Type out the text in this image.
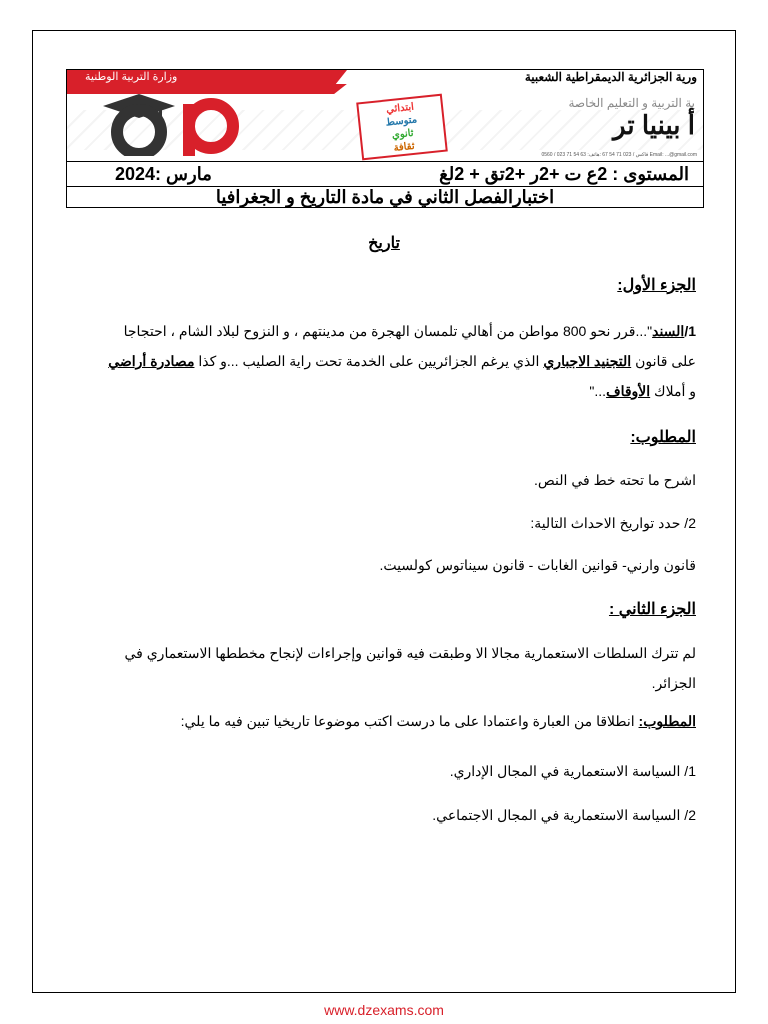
وزارة التربية الوطنية	ورية الجزائرية الديمقراطية الشعبية
ية التربية و التعليم الخاصة
ابتدائي
متوسط
ثانوي
ثقافة
أ بينيا تر
0560 / 023 71 54 63 :فاكس / 023 71 54 67 :هاتف Email: ...@gmail.com
المستوى : 2ع ت +2ر +2تق + 2لغ
مارس :2024
اختبارالفصل الثاني في مادة التاريخ و الجغرافيا
تاريخ
الجزء الأول:
1/السند"...قرر نحو 800 مواطن من أهالي تلمسان الهجرة من مدينتهم ، و النزوح لبلاد الشام ، احتجاجا
على قانون التجنيد الاجباري الذي يرغم الجزائريين على الخدمة تحت راية الصليب ...و كذا مصادرة أراضي
و أملاك الأوقاف..."
المطلوب:
اشرح ما تحته خط في النص.
2/ حدد تواريخ الاحداث التالية:
قانون وارني- قوانين الغابات - قانون سيناتوس كولسيت.
الجزء الثاني :
لم تترك السلطات الاستعمارية مجالا الا وطبقت فيه قوانين وإجراءات لإنجاح مخططها الاستعماري في
الجزائر.
المطلوب: انطلاقا من العبارة واعتمادا على ما درست اكتب موضوعا تاريخيا تبين فيه ما يلي:
1/ السياسة الاستعمارية في المجال الإداري.
2/ السياسة الاستعمارية في المجال الاجتماعي.
www.dzexams.com
